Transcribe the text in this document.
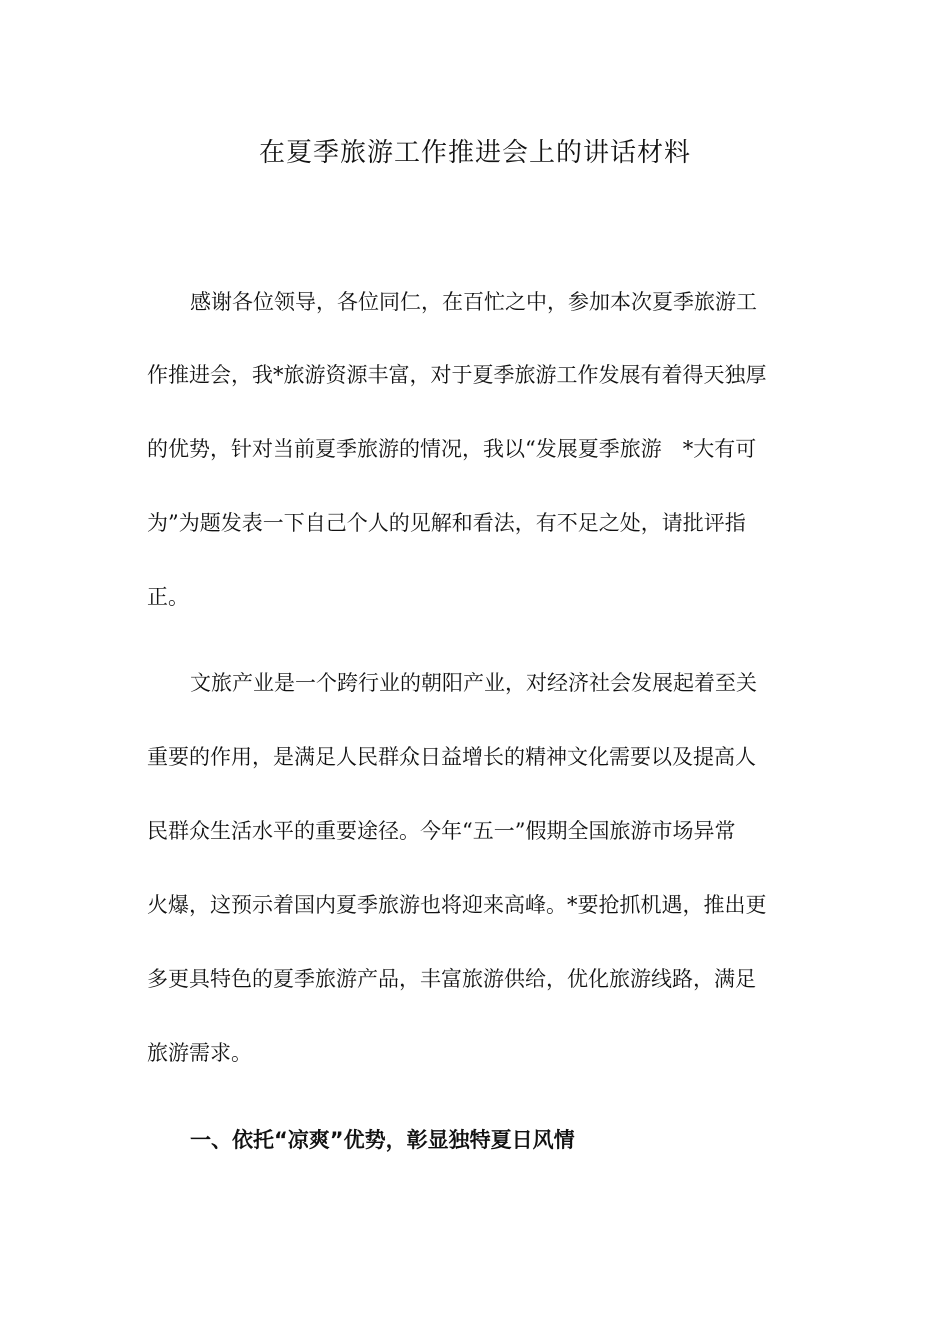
在夏季旅游工作推进会上的讲话材料
感谢各位领导，各位同仁，在百忙之中，参加本次夏季旅游工
作推进会，我*旅游资源丰富，对于夏季旅游工作发展有着得天独厚
的优势，针对当前夏季旅游的情况，我以“发展夏季旅游　*大有可
为”为题发表一下自己个人的见解和看法，有不足之处，请批评指
正。
文旅产业是一个跨行业的朝阳产业，对经济社会发展起着至关
重要的作用，是满足人民群众日益增长的精神文化需要以及提高人
民群众生活水平的重要途径。今年“五一”假期全国旅游市场异常
火爆，这预示着国内夏季旅游也将迎来高峰。*要抢抓机遇，推出更
多更具特色的夏季旅游产品，丰富旅游供给，优化旅游线路，满足
旅游需求。
一、依托“凉爽”优势，彰显独特夏日风情
